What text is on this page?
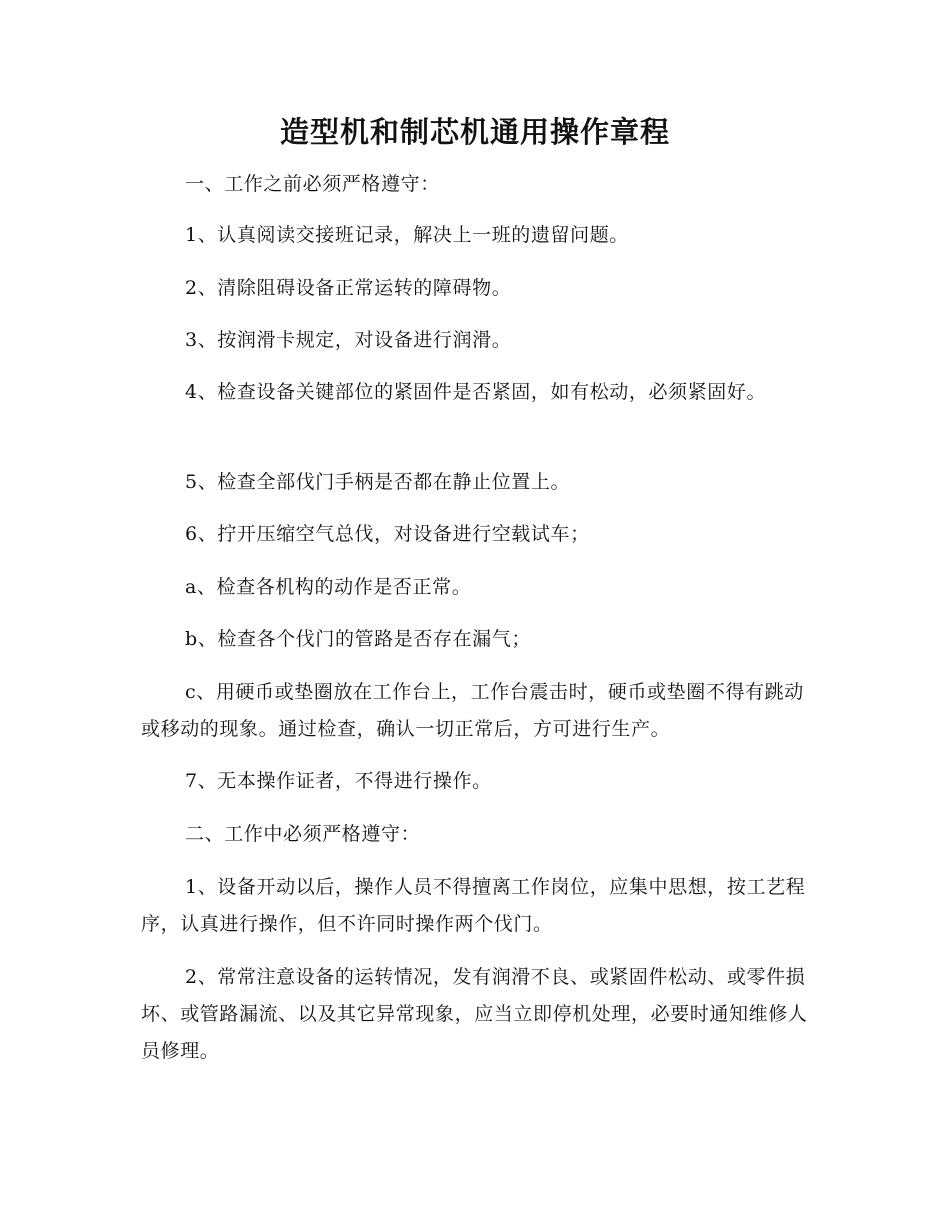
造型机和制芯机通用操作章程

一、工作之前必须严格遵守：

1、认真阅读交接班记录，解决上一班的遗留问题。

2、清除阻碍设备正常运转的障碍物。

3、按润滑卡规定，对设备进行润滑。

4、检查设备关键部位的紧固件是否紧固，如有松动，必须紧固好。

5、检查全部伐门手柄是否都在静止位置上。

6、拧开压缩空气总伐，对设备进行空载试车；

a、检查各机构的动作是否正常。

b、检查各个伐门的管路是否存在漏气；

c、用硬币或垫圈放在工作台上，工作台震击时，硬币或垫圈不得有跳动或移动的现象。通过检查，确认一切正常后，方可进行生产。

7、无本操作证者，不得进行操作。

二、工作中必须严格遵守：

1、设备开动以后，操作人员不得擅离工作岗位，应集中思想，按工艺程序，认真进行操作，但不许同时操作两个伐门。

2、常常注意设备的运转情况，发有润滑不良、或紧固件松动、或零件损坏、或管路漏流、以及其它异常现象，应当立即停机处理，必要时通知维修人员修理。
